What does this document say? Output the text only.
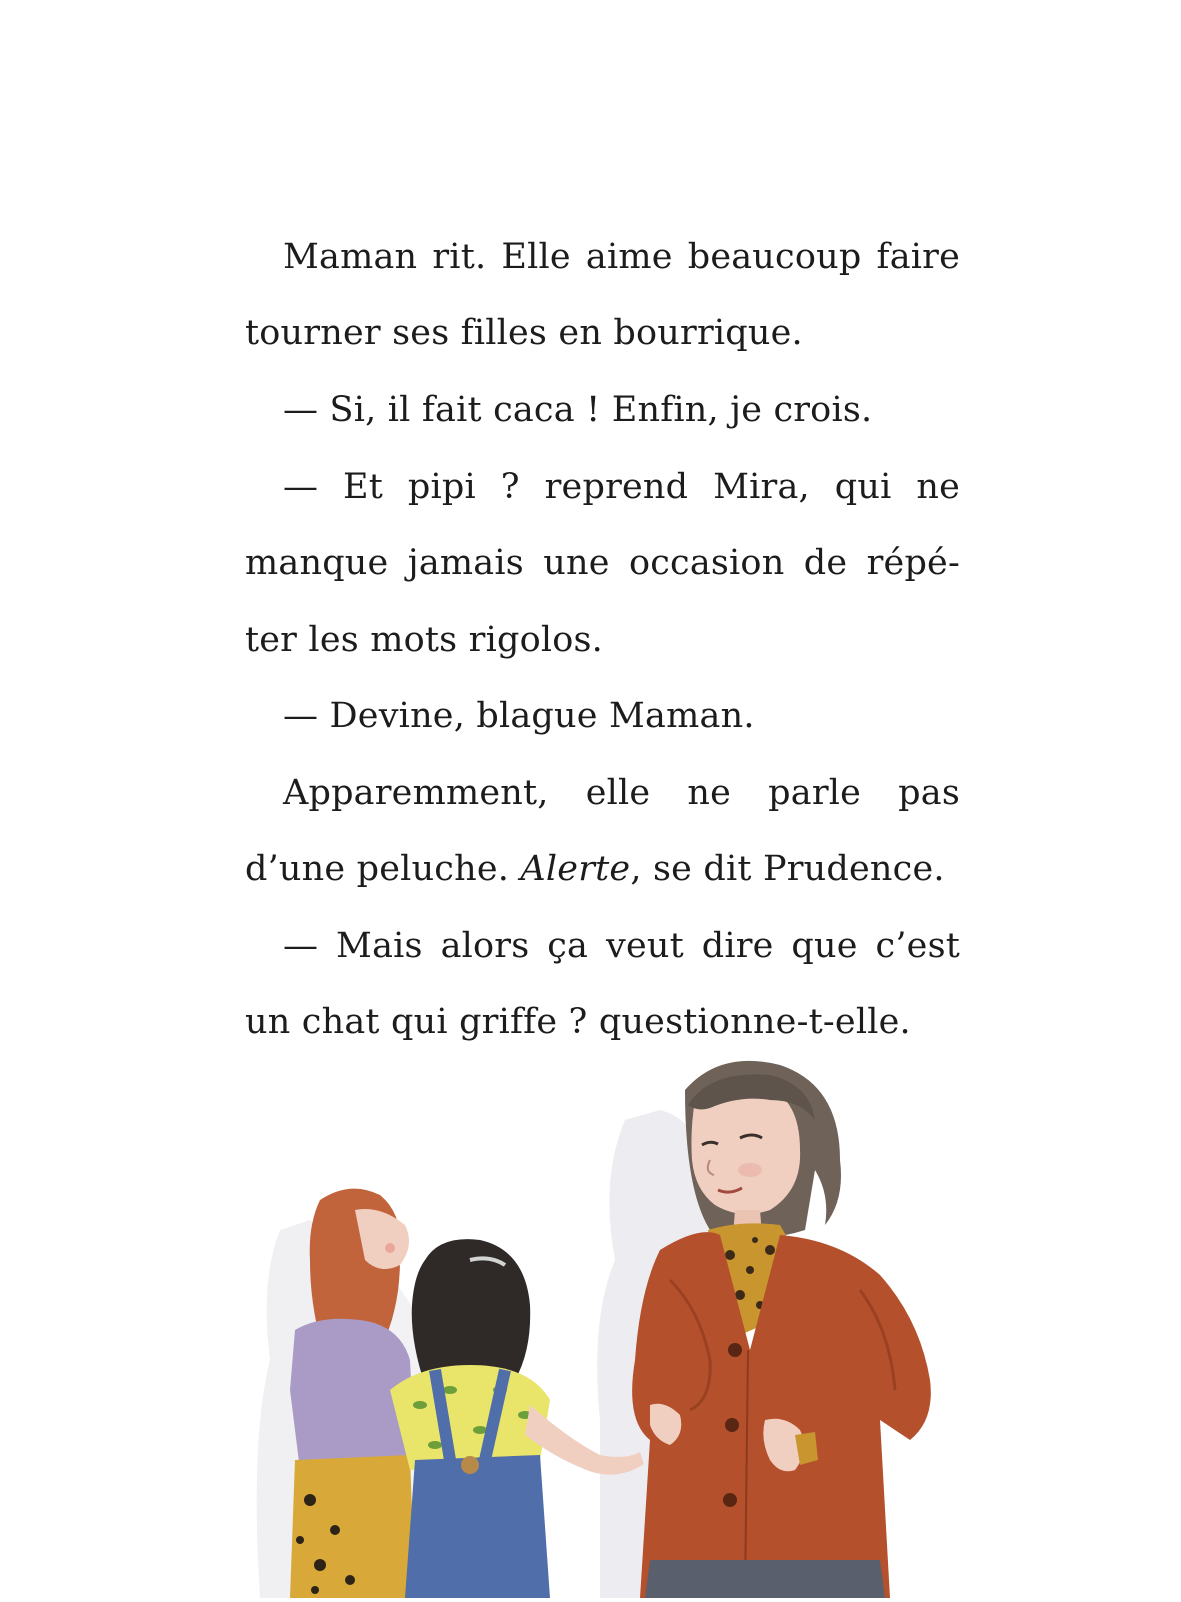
Maman rit. Elle aime beaucoup faire
tourner ses filles en bourrique.
— Si, il fait caca ! Enfin, je crois.
— Et pipi ? reprend Mira, qui ne
manque jamais une occasion de répé-
ter les mots rigolos.
— Devine, blague Maman.
Apparemment, elle ne parle pas
d’une peluche. Alerte, se dit Prudence.
— Mais alors ça veut dire que c’est
un chat qui griffe ? questionne-t-elle.
